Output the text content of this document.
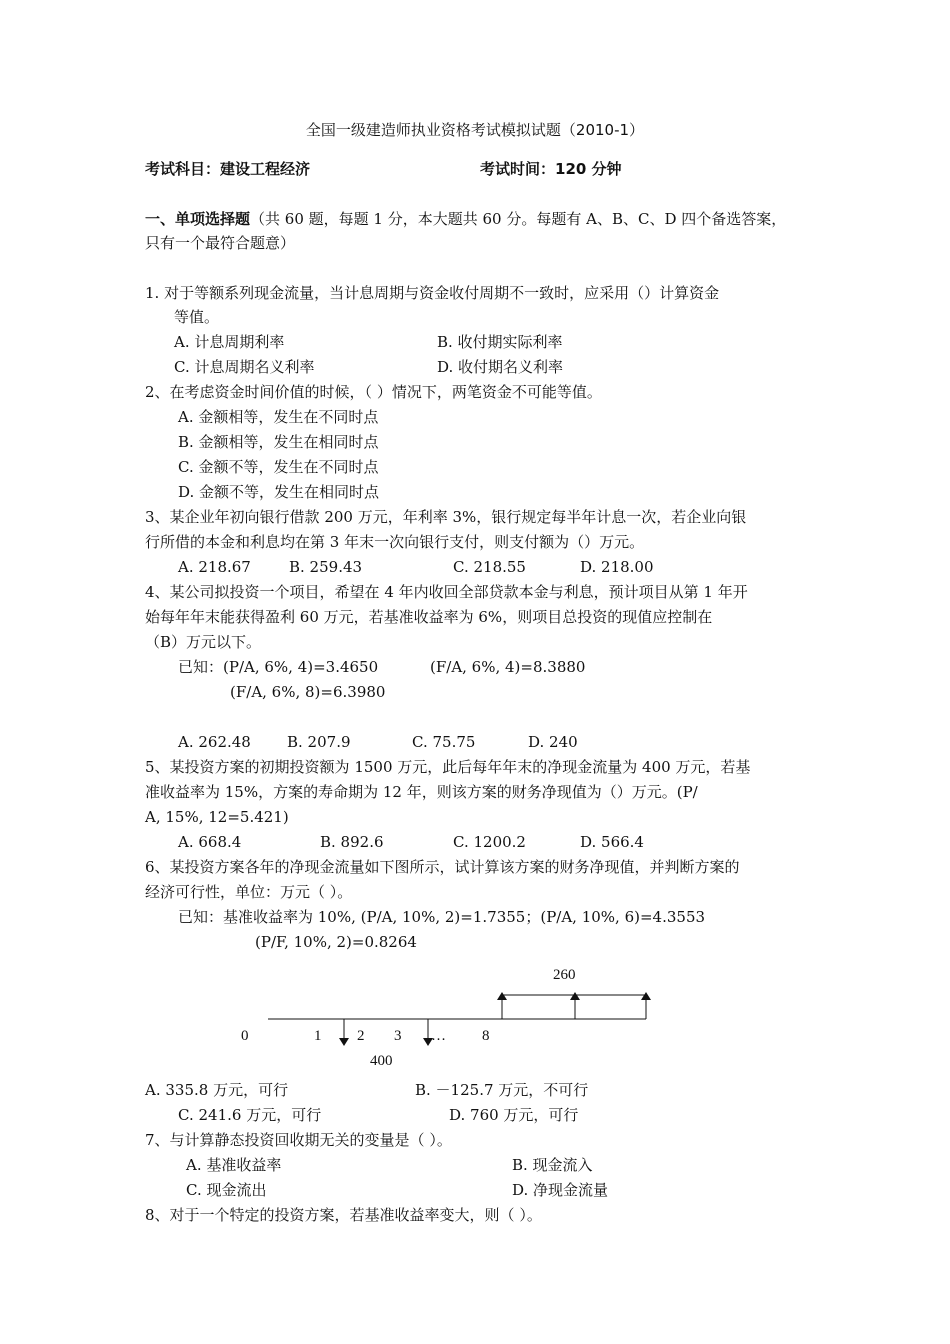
全国一级建造师执业资格考试模拟试题（2010-1）
考试科目：建设工程经济	考试时间：120 分钟
一、单项选择题（共 60 题，每题 1 分，本大题共 60 分。每题有 A、B、C、D 四个备选答案，
只有一个最符合题意）
1. 对于等额系列现金流量，当计息周期与资金收付周期不一致时，应采用（）计算资金
等值。
A. 计息周期利率	B. 收付期实际利率
C. 计息周期名义利率	D. 收付期名义利率
2、在考虑资金时间价值的时候，（ ）情况下，两笔资金不可能等值。
A. 金额相等，发生在不同时点
B. 金额相等，发生在相同时点
C. 金额不等，发生在不同时点
D. 金额不等，发生在相同时点
3、某企业年初向银行借款 200 万元，年利率 3%，银行规定每半年计息一次，若企业向银
行所借的本金和利息均在第 3 年末一次向银行支付，则支付额为（）万元。
A. 218.67	B. 259.43	C. 218.55	D. 218.00
4、某公司拟投资一个项目，希望在 4 年内收回全部贷款本金与利息，预计项目从第 1 年开
始每年年末能获得盈利 60 万元，若基准收益率为 6%，则项目总投资的现值应控制在
（B）万元以下。
已知：(P/A, 6%, 4)=3.4650	(F/A, 6%, 4)=8.3880
(F/A, 6%, 8)=6.3980
A. 262.48 B. 207.9	C. 75.75	D. 240
5、某投资方案的初期投资额为 1500 万元，此后每年年末的净现金流量为 400 万元，若基
准收益率为 15%，方案的寿命期为 12 年，则该方案的财务净现值为（）万元。(P/
A, 15%, 12=5.421)
A. 668.4	B. 892.6	C. 1200.2	D. 566.4
6、某投资方案各年的净现金流量如下图所示，试计算该方案的财务净现值，并判断方案的
经济可行性，单位：万元（ ）。
已知：基准收益率为 10%, (P/A, 10%, 2)=1.7355；(P/A, 10%, 6)=4.3553
(P/F, 10%, 2)=0.8264
260
400
0	1 2 3 … 8
A. 335.8 万元，可行	B. －125.7 万元，不可行
C. 241.6 万元，可行	D. 760 万元，可行
7、与计算静态投资回收期无关的变量是（ ）。
A. 基准收益率	B. 现金流入
C. 现金流出	D. 净现金流量
8、对于一个特定的投资方案，若基准收益率变大，则（ ）。
